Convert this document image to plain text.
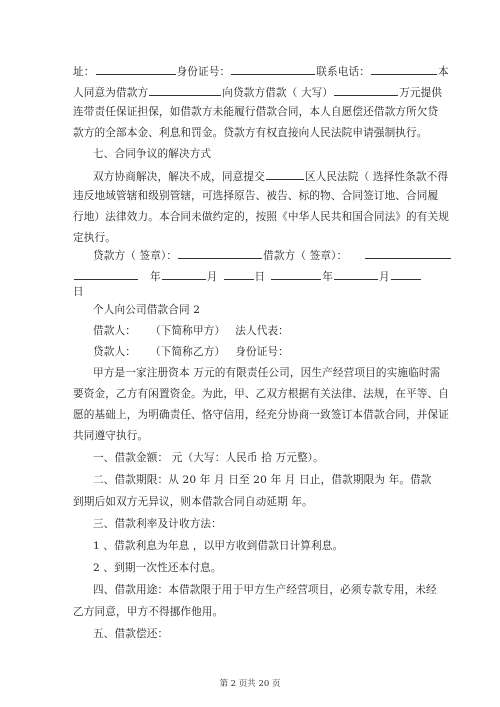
址：	身份证号：	联系电话：	本
人同意为借款方	向贷款方借款（ 大写）	万元提供
连带责任保证担保，如借款方未能履行借款合同，本人自愿偿还借款方所欠贷
款方的全部本金、利息和罚金。贷款方有权直接向人民法院申请强制执行。
七、合同争议的解决方式
双方协商解决，解决不成，同意提交	区人民法院（ 选择性条款不得
违反地域管辖和级别管辖，可选择原告、被告、标的物、合同签订地、合同履
行地）法律效力。本合同未做约定的，按照《中华人民共和国合同法》的有关规
定执行。
贷款方（ 签章）：	借款方（ 签章）：
年	月	日	年	月
日
个人向公司借款合同 2
借款人： （下简称甲方） 法人代表：
贷款人： （下简称乙方） 身份证号：
甲方是一家注册资本 万元的有限责任公司，因生产经营项目的实施临时需
要资金，乙方有闲置资金。为此，甲、乙双方根据有关法律、法规，在平等、自
愿的基础上，为明确责任、恪守信用，经充分协商一致签订本借款合同，并保证
共同遵守执行。
一、借款金额： 元（大写：人民币 拾 万元整）。
二、借款期限：从 20 年 月 日至 20 年 月 日止，借款期限为 年。借款
到期后如双方无异议，则本借款合同自动延期 年。
三、借款利率及计收方法：
1 、借款利息为年息 ，以甲方收到借款日计算利息。
2 、到期一次性还本付息。
四、借款用途：本借款限于用于甲方生产经营项目，必须专款专用，未经
乙方同意，甲方不得挪作他用。
五、借款偿还：
第 2 页共 20 页
